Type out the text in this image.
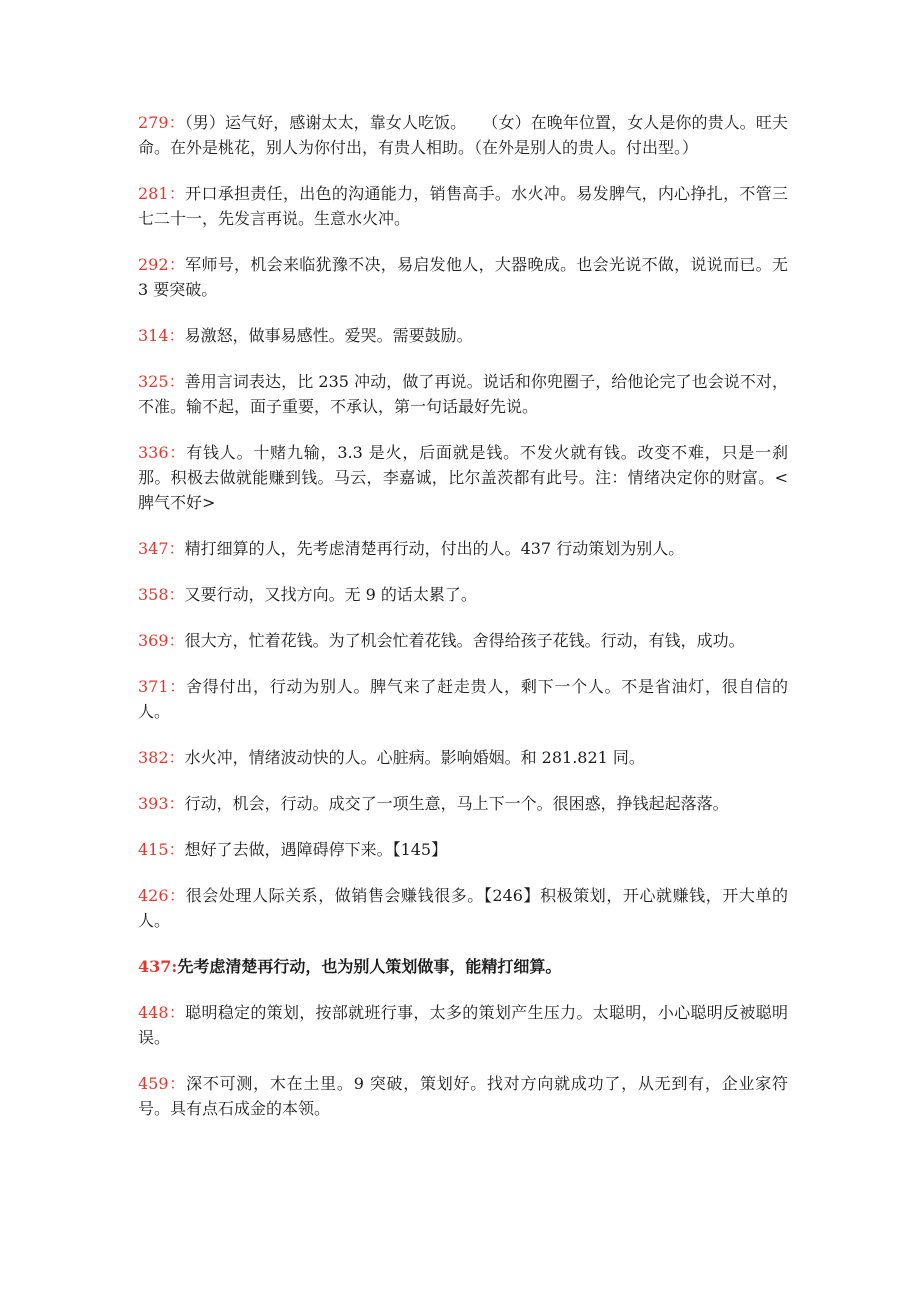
279：（男）运气好，感谢太太，靠女人吃饭。　　（女）在晚年位置，女人是你的贵人。旺夫命。在外是桃花，别人为你付出，有贵人相助。（在外是别人的贵人。付出型。）

281：开口承担责任，出色的沟通能力，销售高手。水火冲。易发脾气，内心挣扎，不管三七二十一，先发言再说。生意水火冲。

292：军师号，机会来临犹豫不决，易启发他人，大器晚成。也会光说不做，说说而已。无 3 要突破。

314：易激怒，做事易感性。爱哭。需要鼓励。

325：善用言词表达，比 235 冲动，做了再说。说话和你兜圈子，给他论完了也会说不对，不准。输不起，面子重要，不承认，第一句话最好先说。

336：有钱人。十赌九输，3.3 是火，后面就是钱。不发火就有钱。改变不难，只是一刹那。积极去做就能赚到钱。马云，李嘉诚，比尔盖茨都有此号。注：情绪决定你的财富。<脾气不好>

347：精打细算的人，先考虑清楚再行动，付出的人。437 行动策划为别人。

358：又要行动，又找方向。无 9 的话太累了。

369：很大方，忙着花钱。为了机会忙着花钱。舍得给孩子花钱。行动，有钱，成功。

371：舍得付出，行动为别人。脾气来了赶走贵人，剩下一个人。不是省油灯，很自信的人。

382：水火冲，情绪波动快的人。心脏病。影响婚姻。和 281.821 同。

393：行动，机会，行动。成交了一项生意，马上下一个。很困惑，挣钱起起落落。

415：想好了去做，遇障碍停下来。【145】

426：很会处理人际关系，做销售会赚钱很多。【246】积极策划，开心就赚钱，开大单的人。

437:先考虑清楚再行动，也为别人策划做事，能精打细算。

448：聪明稳定的策划，按部就班行事，太多的策划产生压力。太聪明，小心聪明反被聪明误。

459：深不可测，木在土里。9 突破，策划好。找对方向就成功了，从无到有，企业家符号。具有点石成金的本领。
